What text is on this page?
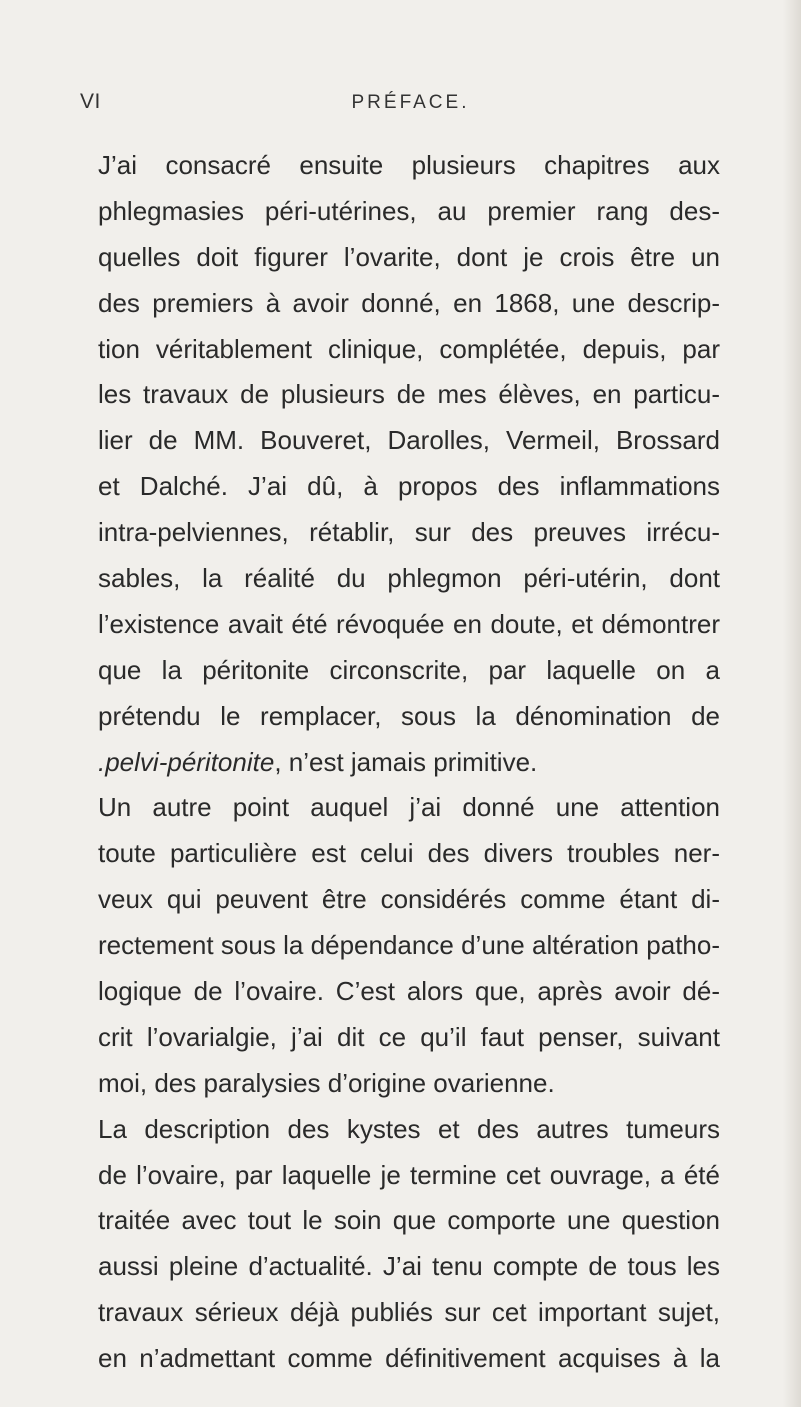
VI	PRÉFACE.
J’ai consacré ensuite plusieurs chapitres aux
phlegmasies péri-utérines, au premier rang des-
quelles doit figurer l’ovarite, dont je crois être un
des premiers à avoir donné, en 1868, une descrip-
tion véritablement clinique, complétée, depuis, par
les travaux de plusieurs de mes élèves, en particu-
lier de MM. Bouveret, Darolles, Vermeil, Brossard
et Dalché. J’ai dû, à propos des inflammations
intra-pelviennes, rétablir, sur des preuves irrécu-
sables, la réalité du phlegmon péri-utérin, dont
l’existence avait été révoquée en doute, et démontrer
que la péritonite circonscrite, par laquelle on a
prétendu le remplacer, sous la dénomination de
.pelvi-péritonite, n’est jamais primitive.
Un autre point auquel j’ai donné une attention
toute particulière est celui des divers troubles ner-
veux qui peuvent être considérés comme étant di-
rectement sous la dépendance d’une altération patho-
logique de l’ovaire. C’est alors que, après avoir dé-
crit l’ovarialgie, j’ai dit ce qu’il faut penser, suivant
moi, des paralysies d’origine ovarienne.
La description des kystes et des autres tumeurs
de l’ovaire, par laquelle je termine cet ouvrage, a été
traitée avec tout le soin que comporte une question
aussi pleine d’actualité. J’ai tenu compte de tous les
travaux sérieux déjà publiés sur cet important sujet,
en n’admettant comme définitivement acquises à la
